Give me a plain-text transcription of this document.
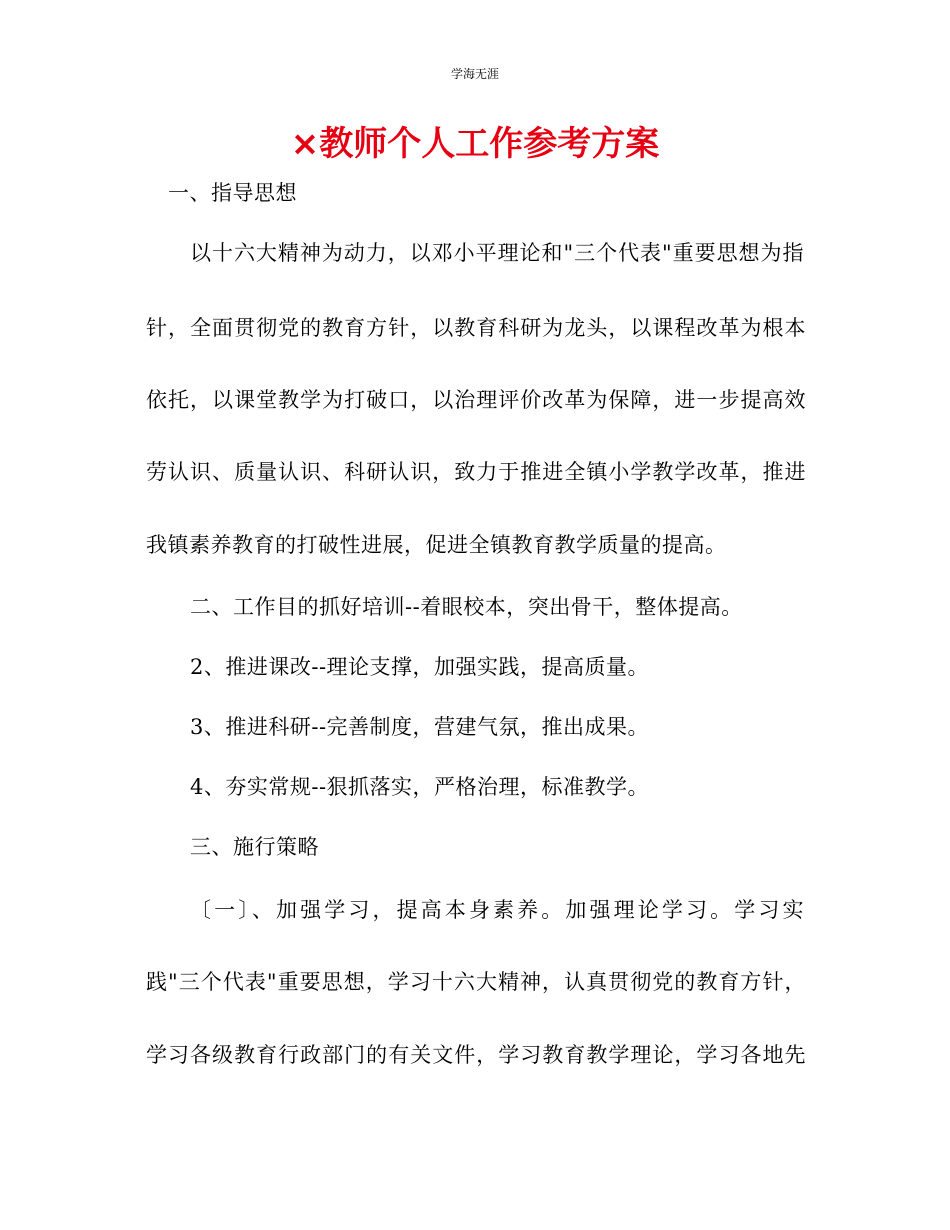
学海无涯
×教师个人工作参考方案
一、指导思想
以十六大精神为动力，以邓小平理论和"三个代表"重要思想为指
针，全面贯彻党的教育方针，以教育科研为龙头，以课程改革为根本
依托，以课堂教学为打破口，以治理评价改革为保障，进一步提高效
劳认识、质量认识、科研认识，致力于推进全镇小学教学改革，推进
我镇素养教育的打破性进展，促进全镇教育教学质量的提高。
二、工作目的抓好培训--着眼校本，突出骨干，整体提高。
2、推进课改--理论支撑，加强实践，提高质量。
3、推进科研--完善制度，营建气氛，推出成果。
4、夯实常规--狠抓落实，严格治理，标准教学。
三、施行策略
〔一〕、加强学习，提高本身素养。加强理论学习。学习实
践"三个代表"重要思想，学习十六大精神，认真贯彻党的教育方针，
学习各级教育行政部门的有关文件，学习教育教学理论，学习各地先
